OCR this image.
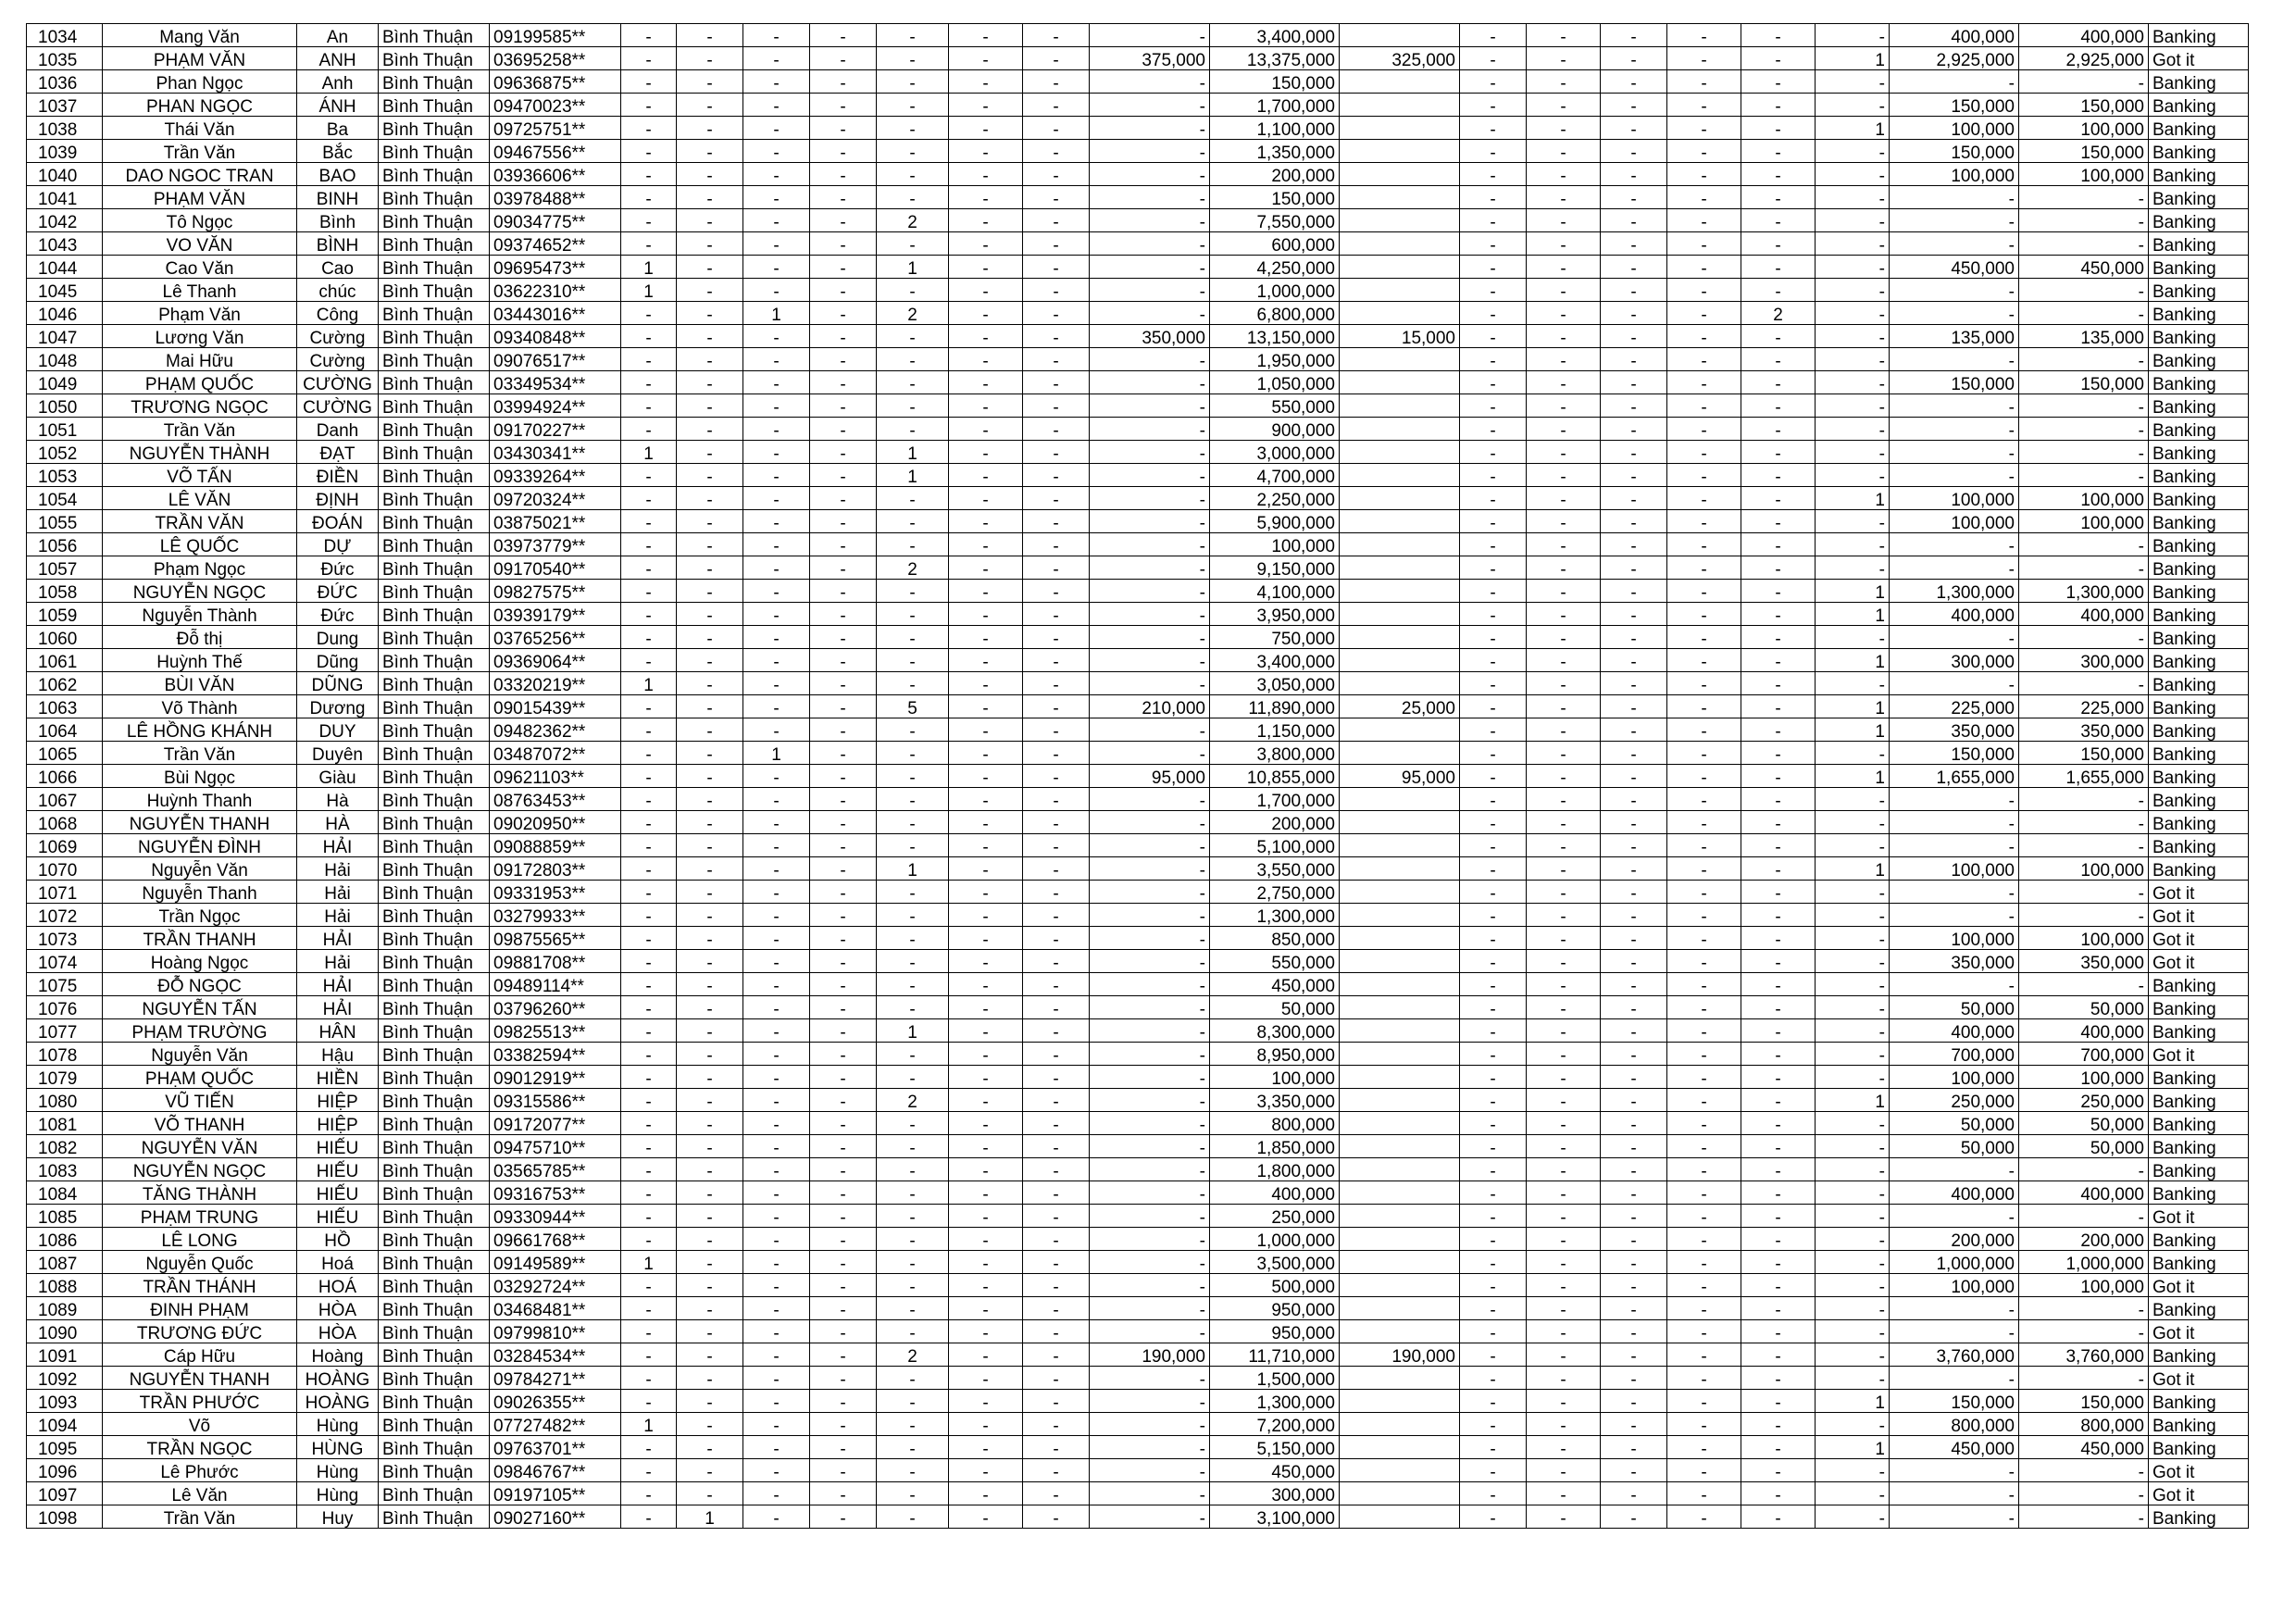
1034	Mang Văn	An	Bình Thuận	09199585**	-	-	-	-	-	-	-	-	3,400,000		-	-	-	-	-	-	400,000	400,000	Banking
1035	PHẠM VĂN	ANH	Bình Thuận	03695258**	-	-	-	-	-	-	-	375,000	13,375,000	325,000	-	-	-	-	-	1	2,925,000	2,925,000	Got it
1036	Phan Ngọc	Anh	Bình Thuận	09636875**	-	-	-	-	-	-	-	-	150,000		-	-	-	-	-	-	-	-	Banking
1037	PHAN NGỌC	ÁNH	Bình Thuận	09470023**	-	-	-	-	-	-	-	-	1,700,000		-	-	-	-	-	-	150,000	150,000	Banking
1038	Thái Văn	Ba	Bình Thuận	09725751**	-	-	-	-	-	-	-	-	1,100,000		-	-	-	-	-	1	100,000	100,000	Banking
1039	Trần Văn	Bắc	Bình Thuận	09467556**	-	-	-	-	-	-	-	-	1,350,000		-	-	-	-	-	-	150,000	150,000	Banking
1040	DAO NGOC TRAN	BAO	Bình Thuận	03936606**	-	-	-	-	-	-	-	-	200,000		-	-	-	-	-	-	100,000	100,000	Banking
1041	PHẠM VĂN	BINH	Bình Thuận	03978488**	-	-	-	-	-	-	-	-	150,000		-	-	-	-	-	-	-	-	Banking
1042	Tô Ngọc	Bình	Bình Thuận	09034775**	-	-	-	-	2	-	-	-	7,550,000		-	-	-	-	-	-	-	-	Banking
1043	VO VĂN	BÌNH	Bình Thuận	09374652**	-	-	-	-	-	-	-	-	600,000		-	-	-	-	-	-	-	-	Banking
1044	Cao Văn	Cao	Bình Thuận	09695473**	1	-	-	-	1	-	-	-	4,250,000		-	-	-	-	-	-	450,000	450,000	Banking
1045	Lê Thanh	chúc	Bình Thuận	03622310**	1	-	-	-	-	-	-	-	1,000,000		-	-	-	-	-	-	-	-	Banking
1046	Phạm Văn	Công	Bình Thuận	03443016**	-	-	1	-	2	-	-	-	6,800,000		-	-	-	-	2	-	-	-	Banking
1047	Lương Văn	Cường	Bình Thuận	09340848**	-	-	-	-	-	-	-	350,000	13,150,000	15,000	-	-	-	-	-	-	135,000	135,000	Banking
1048	Mai Hữu	Cường	Bình Thuận	09076517**	-	-	-	-	-	-	-	-	1,950,000		-	-	-	-	-	-	-	-	Banking
1049	PHẠM QUỐC	CƯỜNG	Bình Thuận	03349534**	-	-	-	-	-	-	-	-	1,050,000		-	-	-	-	-	-	150,000	150,000	Banking
1050	TRƯƠNG NGỌC	CƯỜNG	Bình Thuận	03994924**	-	-	-	-	-	-	-	-	550,000		-	-	-	-	-	-	-	-	Banking
1051	Trần Văn	Danh	Bình Thuận	09170227**	-	-	-	-	-	-	-	-	900,000		-	-	-	-	-	-	-	-	Banking
1052	NGUYỄN THÀNH	ĐẠT	Bình Thuận	03430341**	1	-	-	-	1	-	-	-	3,000,000		-	-	-	-	-	-	-	-	Banking
1053	VÕ TẤN	ĐIỀN	Bình Thuận	09339264**	-	-	-	-	1	-	-	-	4,700,000		-	-	-	-	-	-	-	-	Banking
1054	LÊ VĂN	ĐỊNH	Bình Thuận	09720324**	-	-	-	-	-	-	-	-	2,250,000		-	-	-	-	-	1	100,000	100,000	Banking
1055	TRẦN VĂN	ĐOÁN	Bình Thuận	03875021**	-	-	-	-	-	-	-	-	5,900,000		-	-	-	-	-	-	100,000	100,000	Banking
1056	LÊ QUỐC	DỰ	Bình Thuận	03973779**	-	-	-	-	-	-	-	-	100,000		-	-	-	-	-	-	-	-	Banking
1057	Phạm Ngọc	Đức	Bình Thuận	09170540**	-	-	-	-	2	-	-	-	9,150,000		-	-	-	-	-	-	-	-	Banking
1058	NGUYỄN NGỌC	ĐỨC	Bình Thuận	09827575**	-	-	-	-	-	-	-	-	4,100,000		-	-	-	-	-	1	1,300,000	1,300,000	Banking
1059	Nguyễn Thành	Đức	Bình Thuận	03939179**	-	-	-	-	-	-	-	-	3,950,000		-	-	-	-	-	1	400,000	400,000	Banking
1060	Đỗ thị	Dung	Bình Thuận	03765256**	-	-	-	-	-	-	-	-	750,000		-	-	-	-	-	-	-	-	Banking
1061	Huỳnh Thế	Dũng	Bình Thuận	09369064**	-	-	-	-	-	-	-	-	3,400,000		-	-	-	-	-	1	300,000	300,000	Banking
1062	BÙI VĂN	DŨNG	Bình Thuận	03320219**	1	-	-	-	-	-	-	-	3,050,000		-	-	-	-	-	-	-	-	Banking
1063	Võ Thành	Dương	Bình Thuận	09015439**	-	-	-	-	5	-	-	210,000	11,890,000	25,000	-	-	-	-	-	1	225,000	225,000	Banking
1064	LÊ HỒNG KHÁNH	DUY	Bình Thuận	09482362**	-	-	-	-	-	-	-	-	1,150,000		-	-	-	-	-	1	350,000	350,000	Banking
1065	Trần Văn	Duyên	Bình Thuận	03487072**	-	-	1	-	-	-	-	-	3,800,000		-	-	-	-	-	-	150,000	150,000	Banking
1066	Bùi Ngọc	Giàu	Bình Thuận	09621103**	-	-	-	-	-	-	-	95,000	10,855,000	95,000	-	-	-	-	-	1	1,655,000	1,655,000	Banking
1067	Huỳnh Thanh	Hà	Bình Thuận	08763453**	-	-	-	-	-	-	-	-	1,700,000		-	-	-	-	-	-	-	-	Banking
1068	NGUYỄN THANH	HÀ	Bình Thuận	09020950**	-	-	-	-	-	-	-	-	200,000		-	-	-	-	-	-	-	-	Banking
1069	NGUYỄN ĐÌNH	HẢI	Bình Thuận	09088859**	-	-	-	-	-	-	-	-	5,100,000		-	-	-	-	-	-	-	-	Banking
1070	Nguyễn Văn	Hải	Bình Thuận	09172803**	-	-	-	-	1	-	-	-	3,550,000		-	-	-	-	-	1	100,000	100,000	Banking
1071	Nguyễn Thanh	Hải	Bình Thuận	09331953**	-	-	-	-	-	-	-	-	2,750,000		-	-	-	-	-	-	-	-	Got it
1072	Trần Ngọc	Hải	Bình Thuận	03279933**	-	-	-	-	-	-	-	-	1,300,000		-	-	-	-	-	-	-	-	Got it
1073	TRẦN THANH	HẢI	Bình Thuận	09875565**	-	-	-	-	-	-	-	-	850,000		-	-	-	-	-	-	100,000	100,000	Got it
1074	Hoàng Ngọc	Hải	Bình Thuận	09881708**	-	-	-	-	-	-	-	-	550,000		-	-	-	-	-	-	350,000	350,000	Got it
1075	ĐỖ NGỌC	HẢI	Bình Thuận	09489114**	-	-	-	-	-	-	-	-	450,000		-	-	-	-	-	-	-	-	Banking
1076	NGUYỄN TẤN	HẢI	Bình Thuận	03796260**	-	-	-	-	-	-	-	-	50,000		-	-	-	-	-	-	50,000	50,000	Banking
1077	PHẠM TRƯỜNG	HÂN	Bình Thuận	09825513**	-	-	-	-	1	-	-	-	8,300,000		-	-	-	-	-	-	400,000	400,000	Banking
1078	Nguyễn Văn	Hậu	Bình Thuận	03382594**	-	-	-	-	-	-	-	-	8,950,000		-	-	-	-	-	-	700,000	700,000	Got it
1079	PHẠM QUỐC	HIỀN	Bình Thuận	09012919**	-	-	-	-	-	-	-	-	100,000		-	-	-	-	-	-	100,000	100,000	Banking
1080	VŨ TIẾN	HIỆP	Bình Thuận	09315586**	-	-	-	-	2	-	-	-	3,350,000		-	-	-	-	-	1	250,000	250,000	Banking
1081	VÕ THANH	HIỆP	Bình Thuận	09172077**	-	-	-	-	-	-	-	-	800,000		-	-	-	-	-	-	50,000	50,000	Banking
1082	NGUYỄN VĂN	HIẾU	Bình Thuận	09475710**	-	-	-	-	-	-	-	-	1,850,000		-	-	-	-	-	-	50,000	50,000	Banking
1083	NGUYỄN NGỌC	HIẾU	Bình Thuận	03565785**	-	-	-	-	-	-	-	-	1,800,000		-	-	-	-	-	-	-	-	Banking
1084	TĂNG THÀNH	HIẾU	Bình Thuận	09316753**	-	-	-	-	-	-	-	-	400,000		-	-	-	-	-	-	400,000	400,000	Banking
1085	PHẠM TRUNG	HIẾU	Bình Thuận	09330944**	-	-	-	-	-	-	-	-	250,000		-	-	-	-	-	-	-	-	Got it
1086	LÊ LONG	HỒ	Bình Thuận	09661768**	-	-	-	-	-	-	-	-	1,000,000		-	-	-	-	-	-	200,000	200,000	Banking
1087	Nguyễn Quốc	Hoá	Bình Thuận	09149589**	1	-	-	-	-	-	-	-	3,500,000		-	-	-	-	-	-	1,000,000	1,000,000	Banking
1088	TRẦN THÁNH	HOÁ	Bình Thuận	03292724**	-	-	-	-	-	-	-	-	500,000		-	-	-	-	-	-	100,000	100,000	Got it
1089	ĐINH PHẠM	HÒA	Bình Thuận	03468481**	-	-	-	-	-	-	-	-	950,000		-	-	-	-	-	-	-	-	Banking
1090	TRƯƠNG ĐỨC	HÒA	Bình Thuận	09799810**	-	-	-	-	-	-	-	-	950,000		-	-	-	-	-	-	-	-	Got it
1091	Cáp Hữu	Hoàng	Bình Thuận	03284534**	-	-	-	-	2	-	-	190,000	11,710,000	190,000	-	-	-	-	-	-	3,760,000	3,760,000	Banking
1092	NGUYỄN THANH	HOÀNG	Bình Thuận	09784271**	-	-	-	-	-	-	-	-	1,500,000		-	-	-	-	-	-	-	-	Got it
1093	TRẦN PHƯỚC	HOÀNG	Bình Thuận	09026355**	-	-	-	-	-	-	-	-	1,300,000		-	-	-	-	-	1	150,000	150,000	Banking
1094	Võ	Hùng	Bình Thuận	07727482**	1	-	-	-	-	-	-	-	7,200,000		-	-	-	-	-	-	800,000	800,000	Banking
1095	TRẦN NGỌC	HÙNG	Bình Thuận	09763701**	-	-	-	-	-	-	-	-	5,150,000		-	-	-	-	-	1	450,000	450,000	Banking
1096	Lê Phước	Hùng	Bình Thuận	09846767**	-	-	-	-	-	-	-	-	450,000		-	-	-	-	-	-	-	-	Got it
1097	Lê Văn	Hùng	Bình Thuận	09197105**	-	-	-	-	-	-	-	-	300,000		-	-	-	-	-	-	-	-	Got it
1098	Trần Văn	Huy	Bình Thuận	09027160**	-	1	-	-	-	-	-	-	3,100,000		-	-	-	-	-	-	-	-	Banking
